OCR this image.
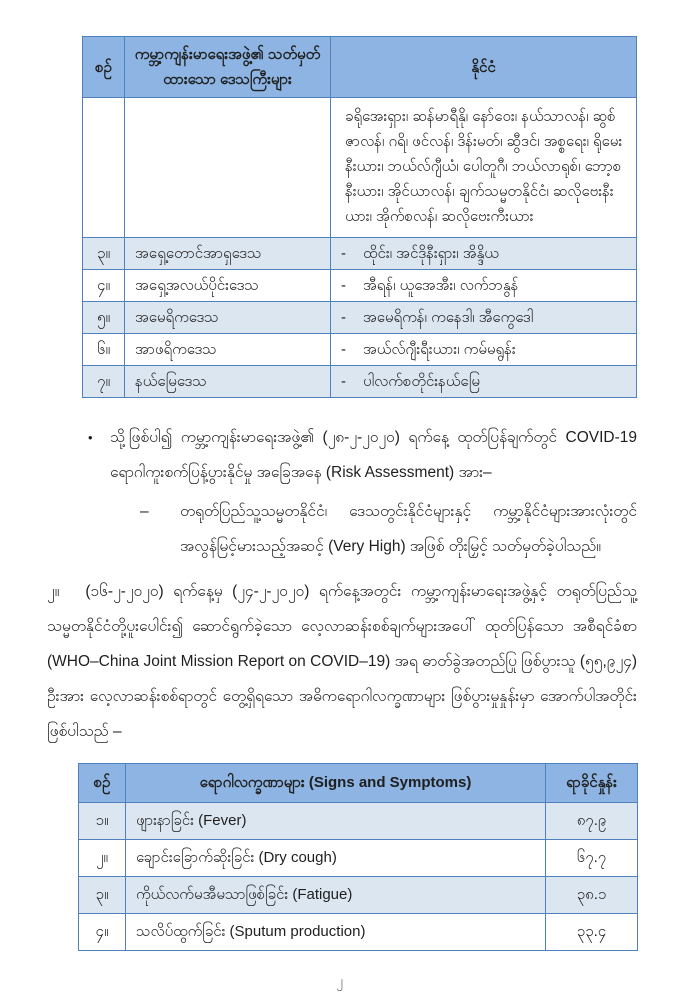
စဉ်	ကမ္ဘာ့ကျန်းမာရေးအဖွဲ့၏ သတ်မှတ်ထားသော ဒေသကြီးများ	နိုင်ငံ
		ခရိုအေးရှား၊ ဆန်မာရီနို၊ နော်ဝေး၊ နယ်သာလန်၊ ဆွစ်ဇာလန်၊ ဂရိ၊ ဖင်လန်၊ ဒိန်းမတ်၊ ဆွီဒင်၊ အစ္စရေး၊ ရိုမေးနီးယား၊ ဘယ်လ်ဂျီယံ၊ ပေါတူဂီ၊ ဘယ်လာရုစ်၊ ဘော့စနီးယား၊ အိုင်ယာလန်၊ ချက်သမ္မတနိုင်ငံ၊ ဆလိုဗေးနီးယား၊ အိုက်စလန်၊ ဆလိုဗေးကီးယား
၃။	အရှေ့တောင်အာရှဒေသ	- ထိုင်း၊ အင်ဒိုနီးရှား၊ အိန္ဒိယ

၄။	အရှေ့အလယ်ပိုင်းဒေသ	- အီရန်၊ ယူအေအီး၊ လက်ဘနွန်

၅။	အမေရိကဒေသ	- အမေရိကန်၊ ကနေဒါ၊ အီကွေဒေါ

၆။	အာဖရိကဒေသ	- အယ်လ်ဂျီးရီးယား၊ ကမ်မရွန်း

၇။	နယ်မြေဒေသ	- ပါလက်စတိုင်းနယ်မြေ
•	သို့ဖြစ်ပါ၍ ကမ္ဘာ့ကျန်းမာရေးအဖွဲ့၏ (၂၈-၂-၂၀၂၀) ရက်နေ့ ထုတ်ပြန်ချက်တွင် COVID-19 ရောဂါကူးစက်ပြန့်ပွားနိုင်မှု အခြေအနေ (Risk Assessment) အား–
–	တရုတ်ပြည်သူ့သမ္မတနိုင်ငံ၊ ဒေသတွင်းနိုင်ငံများနှင့် ကမ္ဘာ့နိုင်ငံများအားလုံးတွင် အလွန်မြင့်မားသည့်အဆင့် (Very High) အဖြစ် တိုးမြှင့် သတ်မှတ်ခဲ့ပါသည်။
၂။ (၁၆-၂-၂၀၂၀) ရက်နေ့မှ (၂၄-၂-၂၀၂၀) ရက်နေ့အတွင်း ကမ္ဘာ့ကျန်းမာရေးအဖွဲ့နှင့် တရုတ်ပြည်သူ့သမ္မတနိုင်ငံတို့ပူးပေါင်း၍ ဆောင်ရွက်ခဲ့သော လေ့လာဆန်းစစ်ချက်များအပေါ် ထုတ်ပြန်သော အစီရင်ခံစာ (WHO–China Joint Mission Report on COVID–19) အရ ဓာတ်ခွဲအတည်ပြု ဖြစ်ပွားသူ (၅၅,၉၂၄) ဦးအား လေ့လာဆန်းစစ်ရာတွင် တွေ့ရှိရသော အဓိကရောဂါလက္ခဏာများ ဖြစ်ပွားမှုနှုန်းမှာ အောက်ပါအတိုင်းဖြစ်ပါသည် –
စဉ်	ရောဂါလက္ခဏာများ (Signs and Symptoms)	ရာခိုင်နှုန်း
၁။	ဖျားနာခြင်း (Fever)	၈၇.၉
၂။	ချောင်းခြောက်ဆိုးခြင်း (Dry cough)	၆၇.၇
၃။	ကိုယ်လက်မအီမသာဖြစ်ခြင်း (Fatigue)	၃၈.၁
၄။	သလိပ်ထွက်ခြင်း (Sputum production)	၃၃.၄
၂
